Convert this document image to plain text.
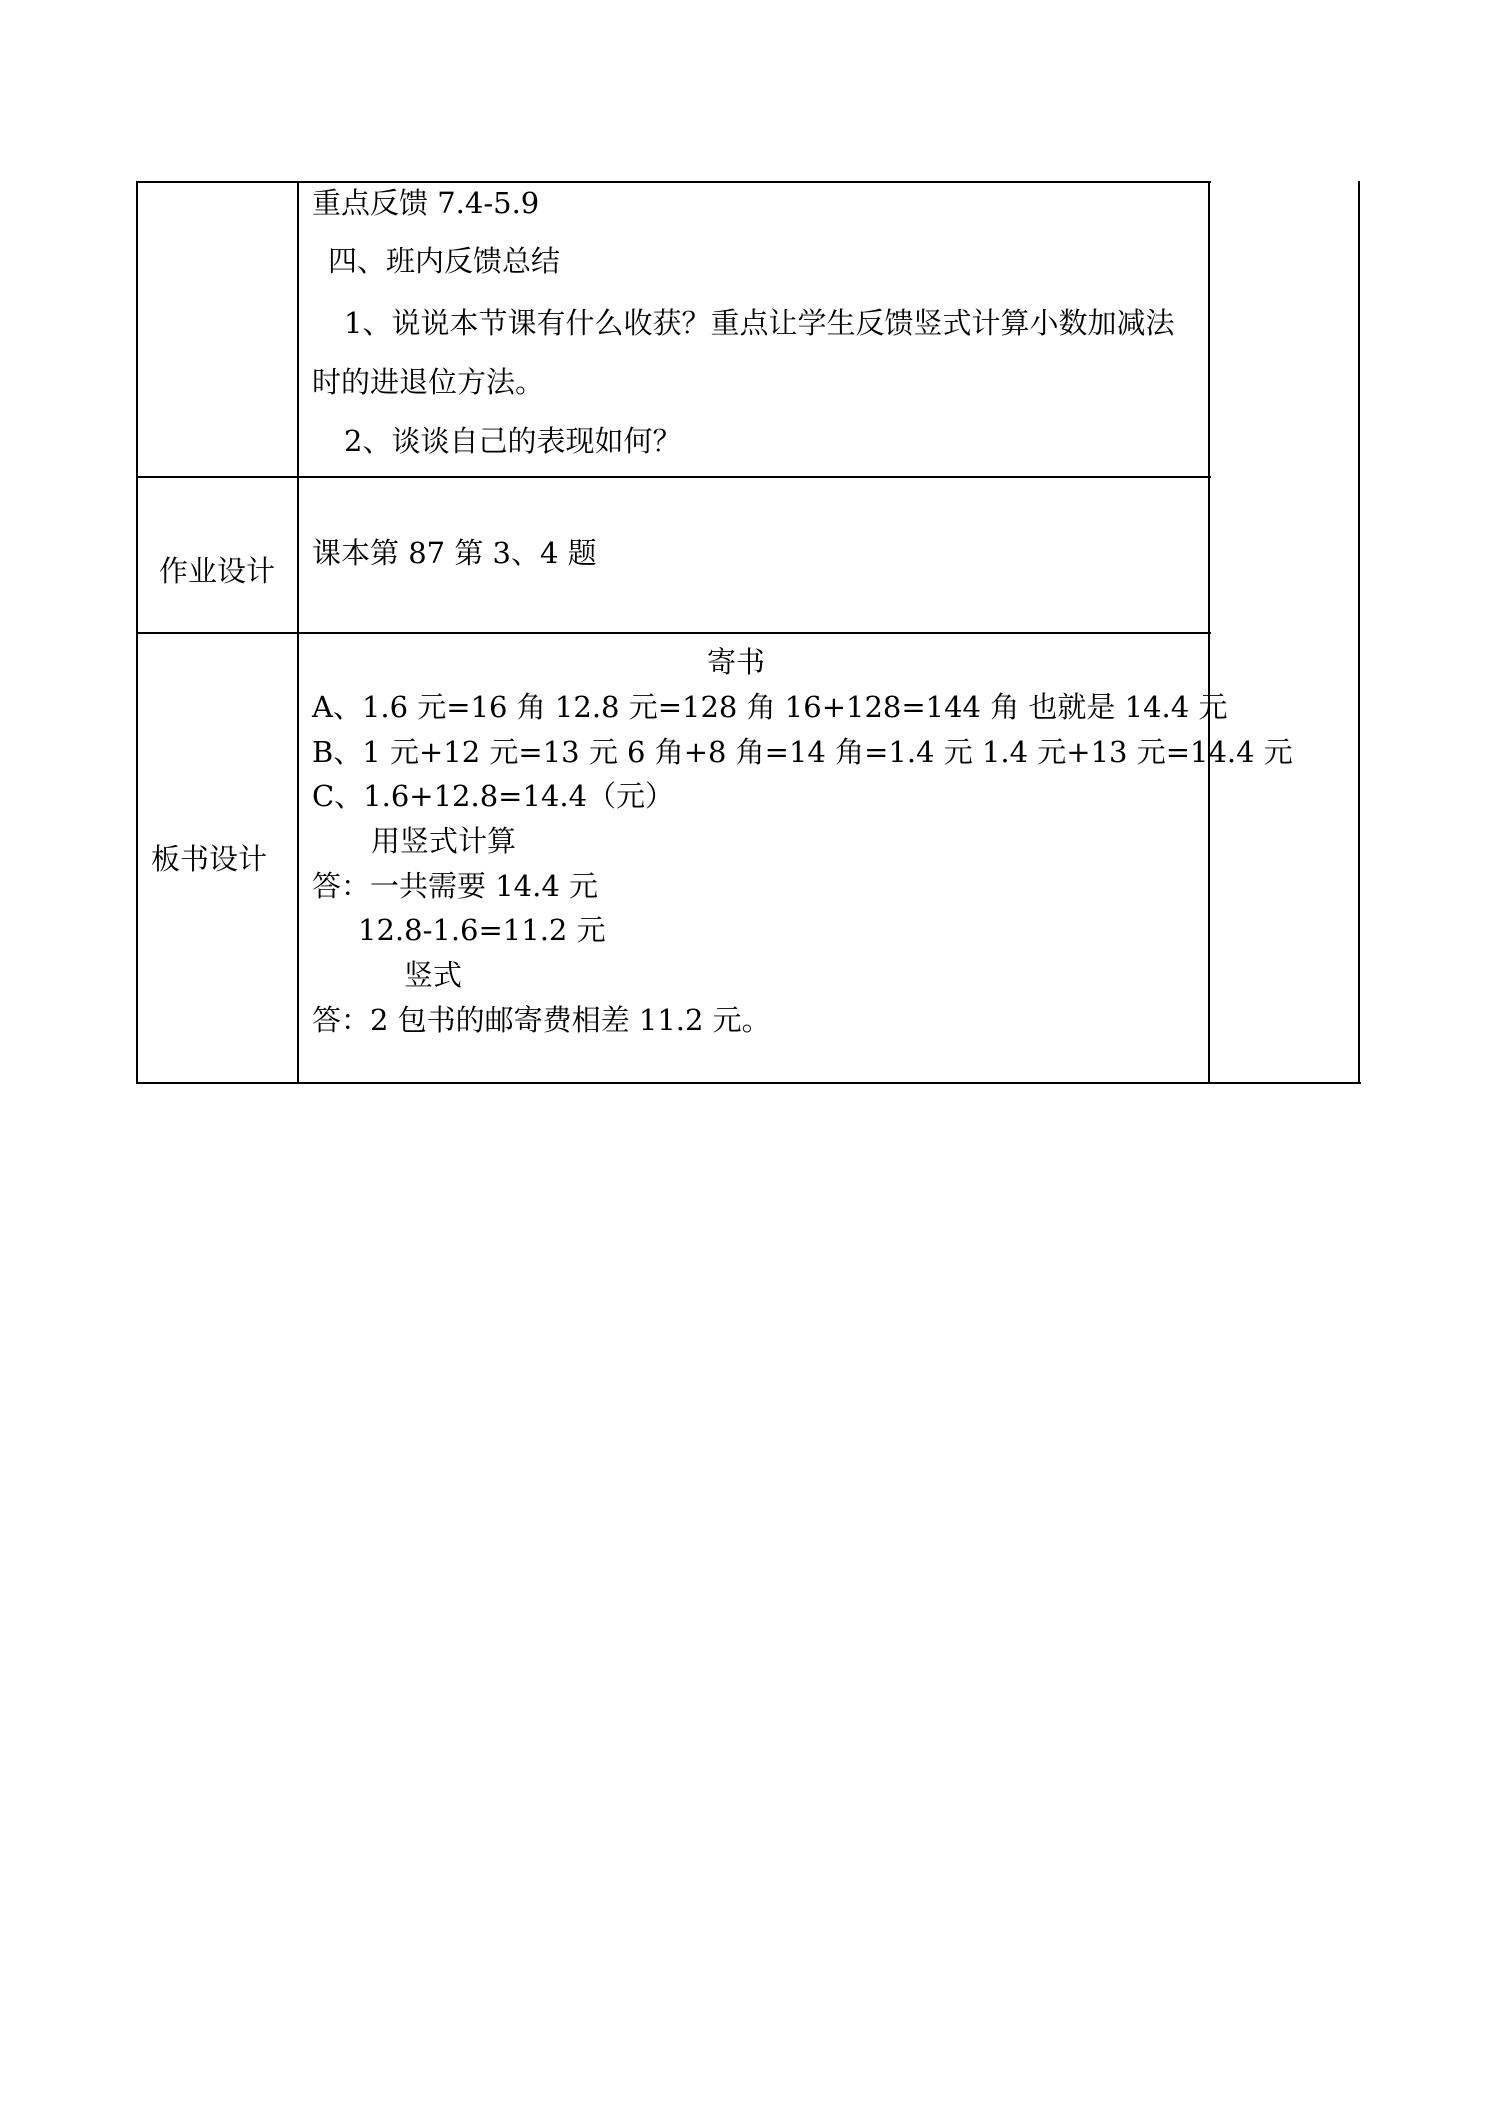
重点反馈 7.4-5.9
四、班内反馈总结
1、说说本节课有什么收获？重点让学生反馈竖式计算小数加减法
时的进退位方法。
2、谈谈自己的表现如何？
作业设计
课本第 87 第 3、4 题
板书设计
寄书
A、1.6 元=16 角 12.8 元=128 角 16+128=144 角 也就是 14.4 元
B、1 元+12 元=13 元 6 角+8 角=14 角=1.4 元 1.4 元+13 元=14.4 元
C、1.6+12.8=14.4（元）
用竖式计算
答：一共需要 14.4 元
12.8-1.6=11.2 元
竖式
答：2 包书的邮寄费相差 11.2 元。
